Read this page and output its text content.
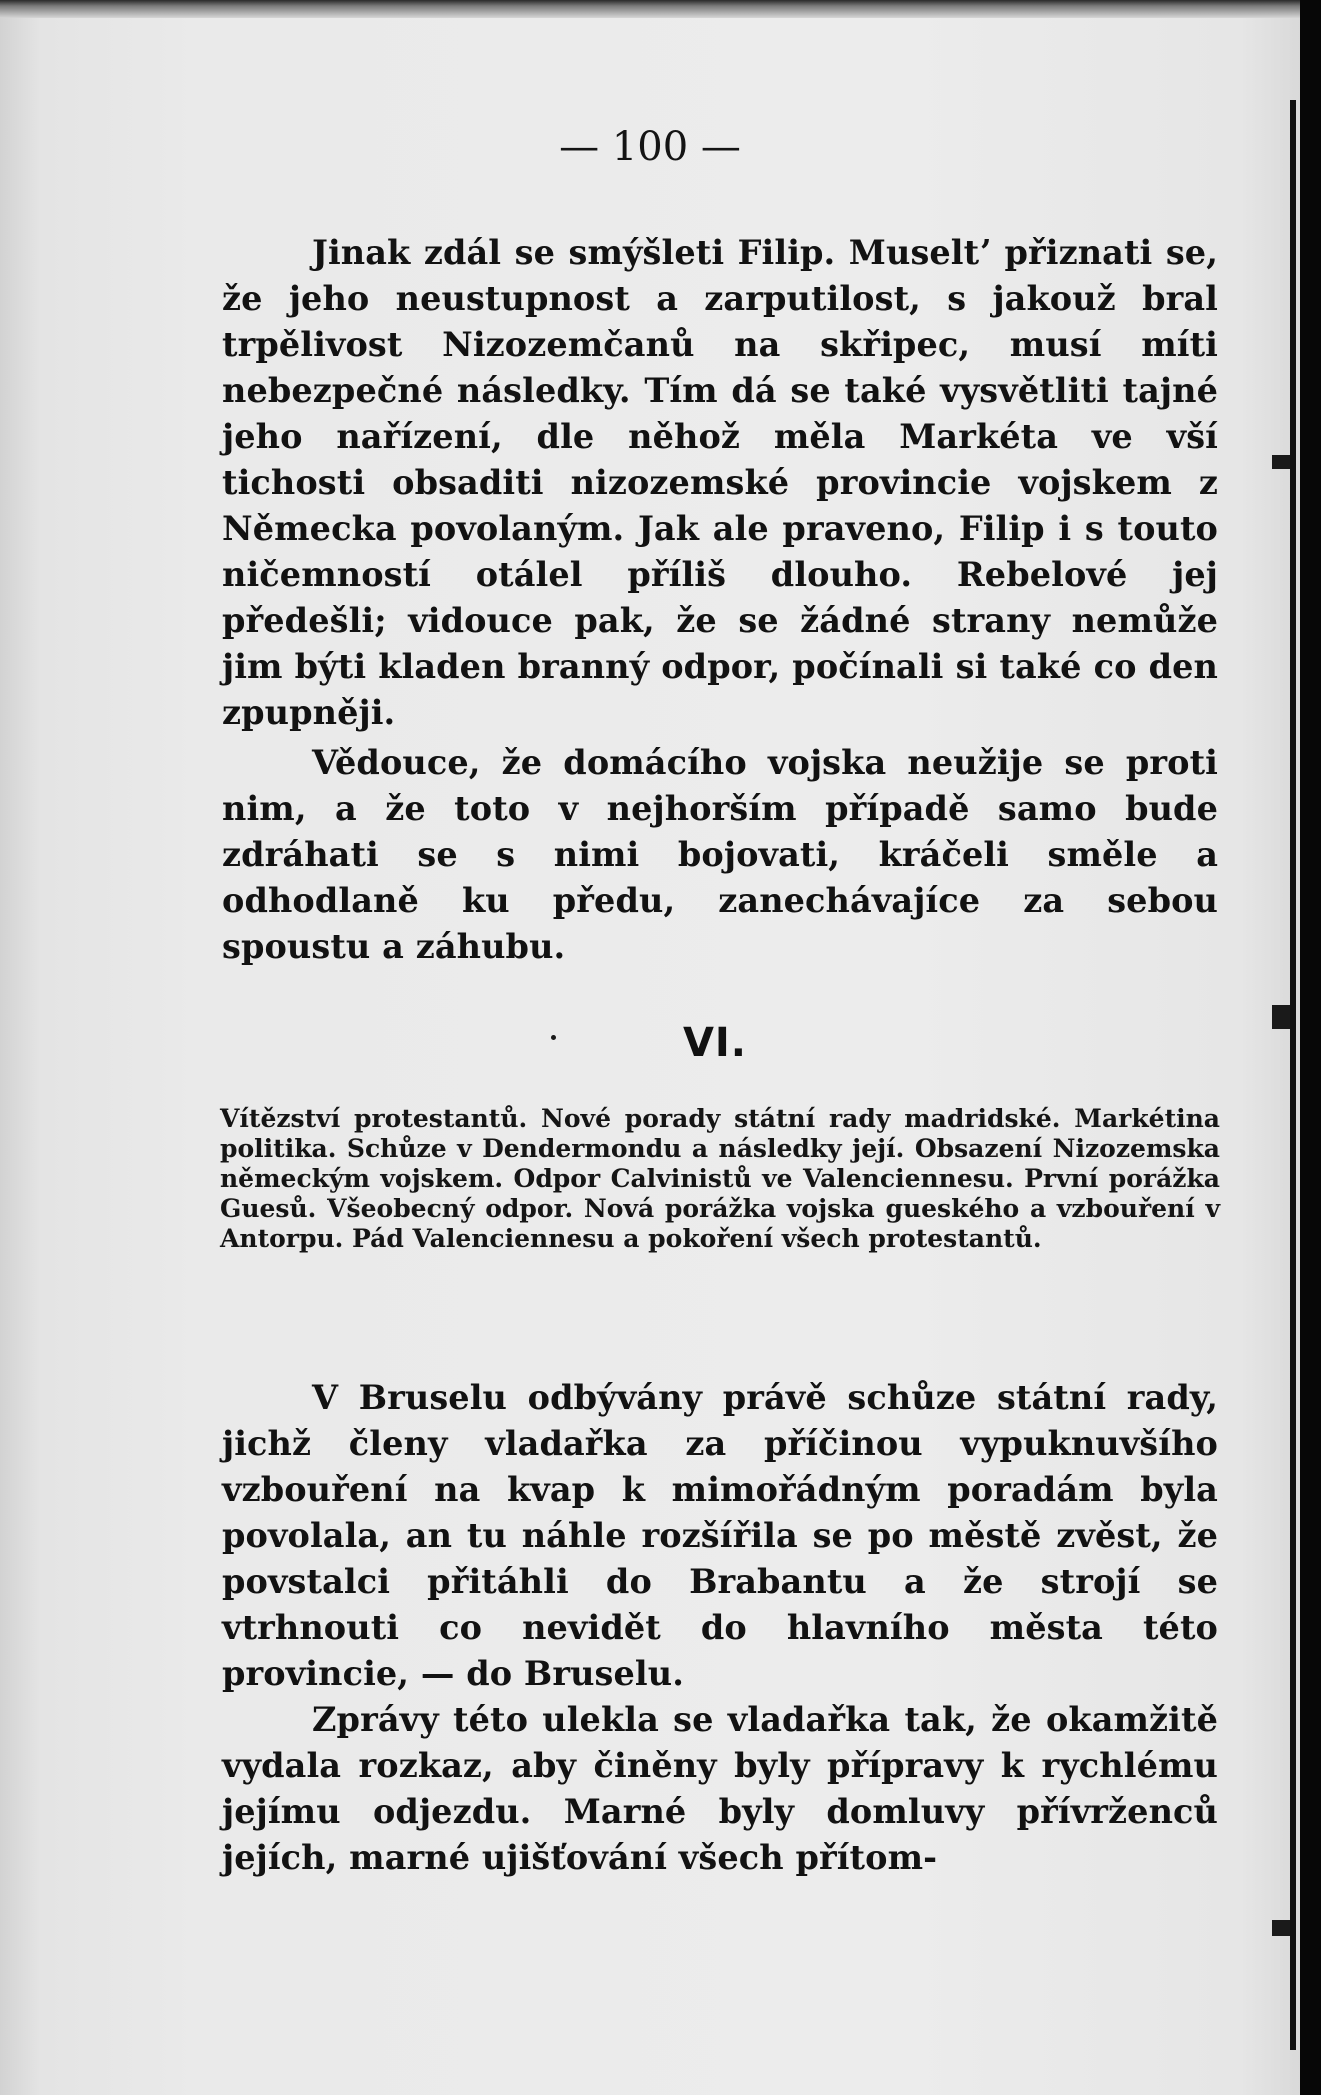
— 100 —
Jinak zdál se smýšleti Filip. Museltʼ přiznati se, že jeho neustupnost a zarputilost, s jakouž bral trpělivost Nizozemčanů na skřipec, musí míti nebezpečné následky. Tím dá se také vysvětliti tajné jeho nařízení, dle něhož měla Markéta ve vší tichosti obsaditi nizozemské provincie vojskem z Německa povolaným. Jak ale praveno, Filip i s touto ničemností otálel příliš dlouho. Rebelové jej předešli; vidouce pak, že se žádné strany nemůže jim býti kladen branný odpor, počínali si také co den zpupněji.
Vědouce, že domácího vojska neužije se proti nim, a že toto v nejhorším případě samo bude zdráhati se s nimi bojovati, kráčeli směle a odhodlaně ku předu, zanechávajíce za sebou spoustu a záhubu.
VI.
Vítězství protestantů. Nové porady státní rady madridské. Markétina politika. Schůze v Dendermondu a následky její. Obsazení Nizozemska německým vojskem. Odpor Calvinistů ve Valenciennesu. První porážka Guesů. Všeobecný odpor. Nová porážka vojska gueského a vzbouření v Antorpu. Pád Valenciennesu a pokoření všech protestantů.
V Bruselu odbývány právě schůze státní rady, jichž členy vladařka za příčinou vypuknuvšího vzbouření na kvap k mimořádným poradám byla povolala, an tu náhle rozšířila se po městě zvěst, že povstalci přitáhli do Brabantu a že strojí se vtrhnouti co nevidět do hlavního města této provincie, — do Bruselu.
Zprávy této ulekla se vladařka tak, že okamžitě vydala rozkaz, aby činěny byly přípravy k rychlému jejímu odjezdu. Marné byly domluvy přívrženců jejích, marné ujišťování všech přítom-
